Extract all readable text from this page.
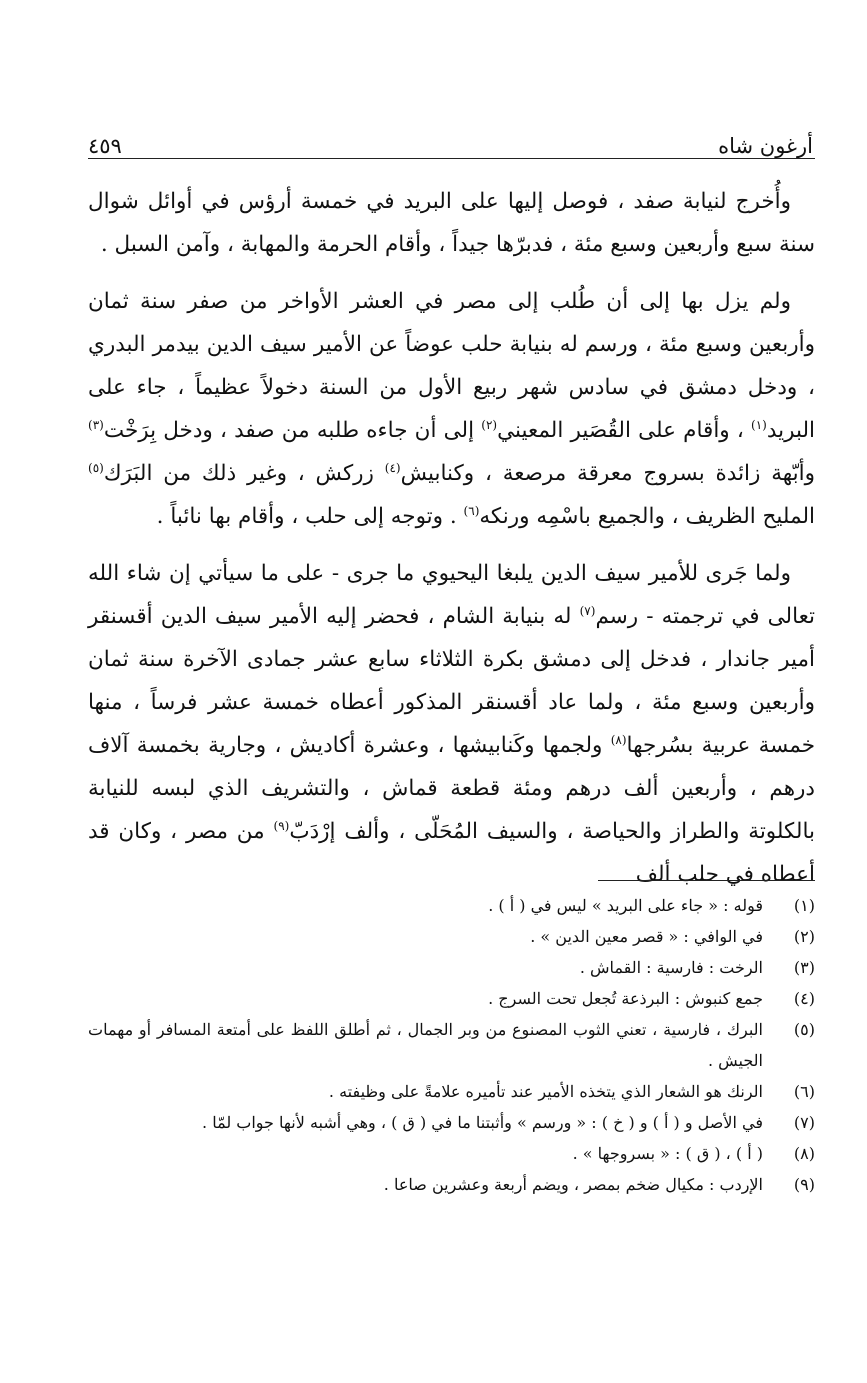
٤٥٩	أرغون شاه

وأُخرج لنيابة صفد ، فوصل إليها على البريد في خمسة أرؤس في أوائل شوال سنة سبع وأربعين وسبع مئة ، فدبرّها جيداً ، وأقام الحرمة والمهابة ، وآمن السبل .

ولم يزل بها إلى أن طُلب إلى مصر في العشر الأواخر من صفر سنة ثمان وأربعين وسبع مئة ، ورسم له بنيابة حلب عوضاً عن الأمير سيف الدين بيدمر البدري ، ودخل دمشق في سادس شهر ربيع الأول من السنة دخولاً عظيماً ، جاء على البريد$^{(١)}$ ، وأقام على القُصَير المعيني$^{(٢)}$ إلى أن جاءه طلبه من صفد ، ودخل بِرَخْت$^{(٣)}$ وأبّهة زائدة بسروج معرقة مرصعة ، وكنابيش$^{(٤)}$ زركش ، وغير ذلك من البَرَك$^{(٥)}$ المليح الظريف ، والجميع باسْمِه ورنكه$^{(٦)}$ . وتوجه إلى حلب ، وأقام بها نائباً .

ولما جَرى للأمير سيف الدين يلبغا اليحيوي ما جرى - على ما سيأتي إن شاء الله تعالى في ترجمته - رسم$^{(٧)}$ له بنيابة الشام ، فحضر إليه الأمير سيف الدين أقسنقر أمير جاندار ، فدخل إلى دمشق بكرة الثلاثاء سابع عشر جمادى الآخرة سنة ثمان وأربعين وسبع مئة ، ولما عاد أقسنقر المذكور أعطاه خمسة عشر فرساً ، منها خمسة عربية بسُرجها$^{(٨)}$ ولجمها وكَنابيشها ، وعشرة أكاديش ، وجارية بخمسة آلاف درهم ، وأربعين ألف درهم ومئة قطعة قماش ، والتشريف الذي لبسه للنيابة بالكلوتة والطراز والحياصة ، والسيف المُحَلّى ، وألف إرْدَبّ$^{(٩)}$ من مصر ، وكان قد أعطاه في حلب ألف

(١)
قوله : « جاء على البريد » ليس في ( أ ) .
(٢)
في الوافي : « قصر معين الدين » .
(٣)
الرخت : فارسية : القماش .
(٤)
جمع كنبوش : البرذعة تُجعل تحت السرج .
(٥)
البرك ، فارسية ، تعني الثوب المصنوع من وبر الجمال ، ثم أطلق اللفظ على أمتعة المسافر أو مهمات الجيش .
(٦)
الرنك هو الشعار الذي يتخذه الأمير عند تأميره علامةً على وظيفته .
(٧)
في الأصل و ( أ ) و ( خ ) : « ورسم » وأثبتنا ما في ( ق ) ، وهي أشبه لأنها جواب لمّا .
(٨)
( أ ) ، ( ق ) : « بسروجها » .
(٩)
الإردب : مكيال ضخم بمصر ، ويضم أربعة وعشرين صاعا .
